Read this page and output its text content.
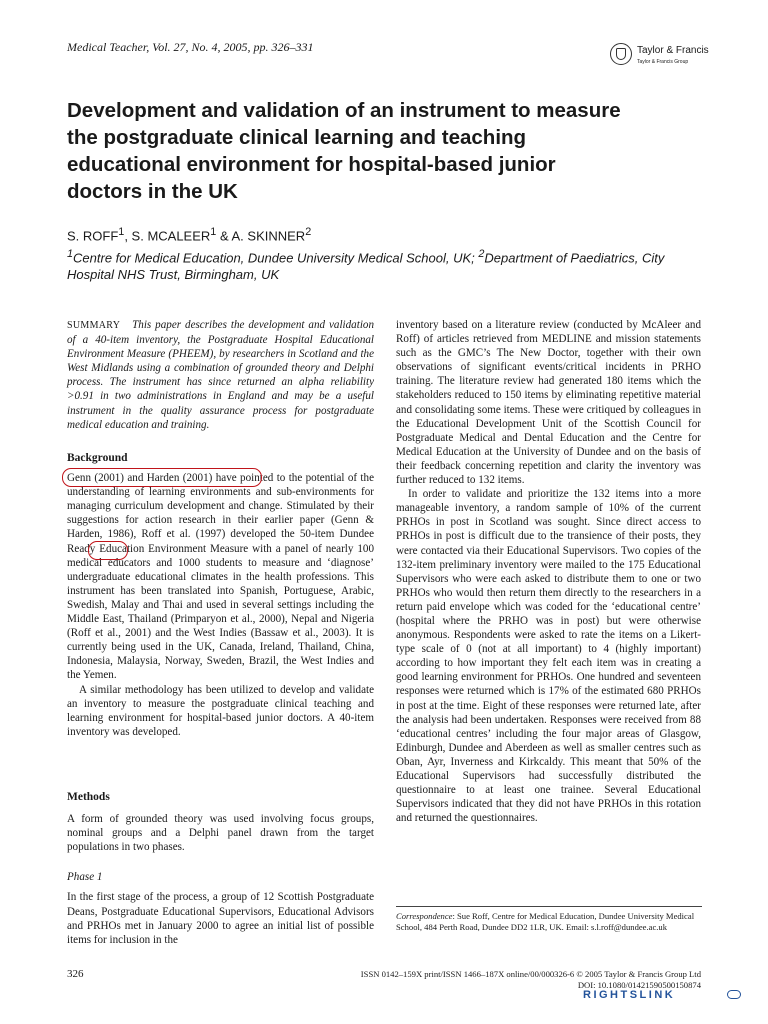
Medical Teacher, Vol. 27, No. 4, 2005, pp. 326–331	Taylor & Francis
Taylor & Francis Group
Development and validation of an instrument to measure the postgraduate clinical learning and teaching educational environment for hospital-based junior doctors in the UK
S. ROFF$^1$, S. MCALEER$^1$ & A. SKINNER$^2$
$^1$Centre for Medical Education, Dundee University Medical School, UK; $^2$Department of Paediatrics, City Hospital NHS Trust, Birmingham, UK

SUMMARY This paper describes the development and validation of a 40-item inventory, the Postgraduate Hospital Educational Environment Measure (PHEEM), by researchers in Scotland and the West Midlands using a combination of grounded theory and Delphi process. The instrument has since returned an alpha reliability >0.91 in two administrations in England and may be a useful instrument in the quality assurance process for postgraduate medical education and training.

Background

Genn (2001) and Harden (2001) have pointed to the potential of the understanding of learning environments and sub-environments for managing curriculum development and change. Stimulated by their suggestions for action research in their earlier paper (Genn & Harden, 1986), Roff et al. (1997) developed the 50-item Dundee Ready Education Environment Measure with a panel of nearly 100 medical educators and 1000 students to measure and ‘diagnose’ undergraduate educational climates in the health professions. This instrument has been translated into Spanish, Portuguese, Arabic, Swedish, Malay and Thai and used in several settings including the Middle East, Thailand (Primparyon et al., 2000), Nepal and Nigeria (Roff et al., 2001) and the West Indies (Bassaw et al., 2003). It is currently being used in the UK, Canada, Ireland, Thailand, China, Indonesia, Malaysia, Norway, Sweden, Brazil, the West Indies and the Yemen.

A similar methodology has been utilized to develop and validate an inventory to measure the postgraduate clinical teaching and learning environment for hospital-based junior doctors. A 40-item inventory was developed.

Methods

A form of grounded theory was used involving focus groups, nominal groups and a Delphi panel drawn from the target populations in two phases.

Phase 1

In the first stage of the process, a group of 12 Scottish Postgraduate Deans, Postgraduate Educational Supervisors, Educational Advisors and PRHOs met in January 2000 to agree an initial list of possible items for inclusion in the

inventory based on a literature review (conducted by McAleer and Roff) of articles retrieved from MEDLINE and mission statements such as the GMC’s The New Doctor, together with their own observations of significant events/critical incidents in PRHO training. The literature review had generated 180 items which the stakeholders reduced to 150 items by eliminating repetitive material and consolidating some items. These were critiqued by colleagues in the Educational Development Unit of the Scottish Council for Postgraduate Medical and Dental Education and the Centre for Medical Education at the University of Dundee and on the basis of their feedback concerning repetition and clarity the inventory was further reduced to 132 items.

In order to validate and prioritize the 132 items into a more manageable inventory, a random sample of 10% of the current PRHOs in post in Scotland was sought. Since direct access to PRHOs in post is difficult due to the transience of their posts, they were contacted via their Educational Supervisors. Two copies of the 132-item preliminary inventory were mailed to the 175 Educational Supervisors who were each asked to distribute them to one or two PRHOs who would then return them directly to the researchers in a return paid envelope which was coded for the ‘educational centre’ (hospital where the PRHO was in post) but were otherwise anonymous. Respondents were asked to rate the items on a Likert-type scale of 0 (not at all important) to 4 (highly important) according to how important they felt each item was in creating a good learning environment for PRHOs. One hundred and seventeen responses were returned which is 17% of the estimated 680 PRHOs in post at the time. Eight of these responses were returned late, after the analysis had been undertaken. Responses were received from 88 ‘educational centres’ including the four major areas of Glasgow, Edinburgh, Dundee and Aberdeen as well as smaller centres such as Oban, Ayr, Inverness and Kirkcaldy. This meant that 50% of the Educational Supervisors had successfully distributed the questionnaire to at least one trainee. Several Educational Supervisors indicated that they did not have PRHOs in this rotation and returned the questionnaires.

Correspondence: Sue Roff, Centre for Medical Education, Dundee University Medical School, 484 Perth Road, Dundee DD2 1LR, UK. Email: s.l.roff@dundee.ac.uk
326	ISSN 0142–159X print/ISSN 1466–187X online/00/000326-6 © 2005 Taylor & Francis Group Ltd
DOI: 10.1080/01421590500150874
RIGHTSLINK
